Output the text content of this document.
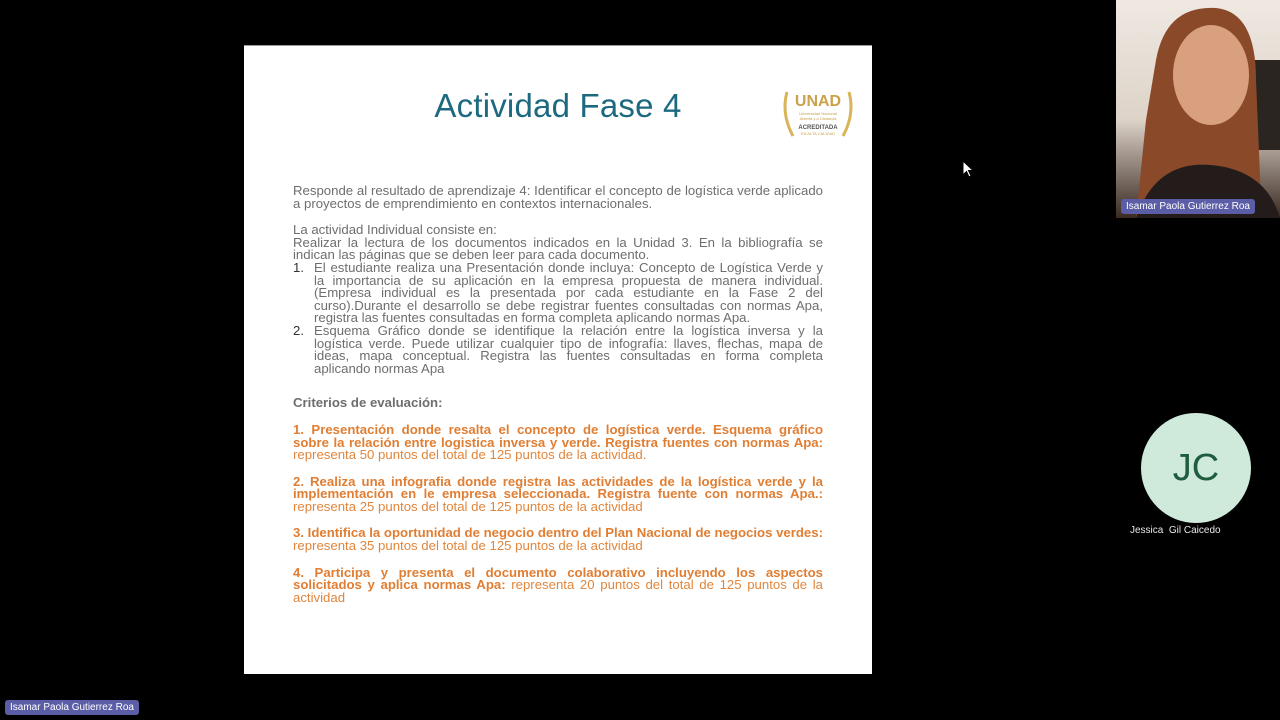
Actividad Fase 4	UNAD
Universidad Nacional
Abierta y a Distancia
ACREDITADA
EN ALTA CALIDAD

Responde al resultado de aprendizaje 4: Identificar el concepto de logística verde aplicado a proyectos de emprendimiento en contextos internacionales.

La actividad Individual consiste en:

Realizar la lectura de los documentos indicados en la Unidad 3. En la bibliografía se indican las páginas que se deben leer para cada documento.

1. El estudiante realiza una Presentación donde incluya: Concepto de Logística Verde y la importancia de su aplicación en la empresa propuesta de manera individual. (Empresa individual es la presentada por cada estudiante en la Fase 2 del curso).Durante el desarrollo se debe registrar fuentes consultadas con normas Apa, registra las fuentes consultadas en forma completa aplicando normas Apa.
2. Esquema Gráfico donde se identifique la relación entre la logística inversa y la logística verde. Puede utilizar cualquier tipo de infografía: llaves, flechas, mapa de ideas, mapa conceptual. Registra las fuentes consultadas en forma completa aplicando normas Apa

Criterios de evaluación:

1. Presentación donde resalta el concepto de logística verde. Esquema gráfico sobre la relación entre logistica inversa y verde. Registra fuentes con normas Apa: representa 50 puntos del total de 125 puntos de la actividad.

2. Realiza una infografia donde registra las actividades de la logística verde y la implementación en le empresa seleccionada. Registra fuente con normas Apa.: representa 25 puntos del total de 125 puntos de la actividad

3. Identifica la oportunidad de negocio dentro del Plan Nacional de negocios verdes: representa 35 puntos del total de 125 puntos de la actividad

4. Participa y presenta el documento colaborativo incluyendo los aspectos solicitados y aplica normas Apa: representa 20 puntos del total de 125 puntos de la actividad

Isamar Paola Gutierrez Roa
JC
Jessica  Gil Caicedo
Isamar Paola Gutierrez Roa
